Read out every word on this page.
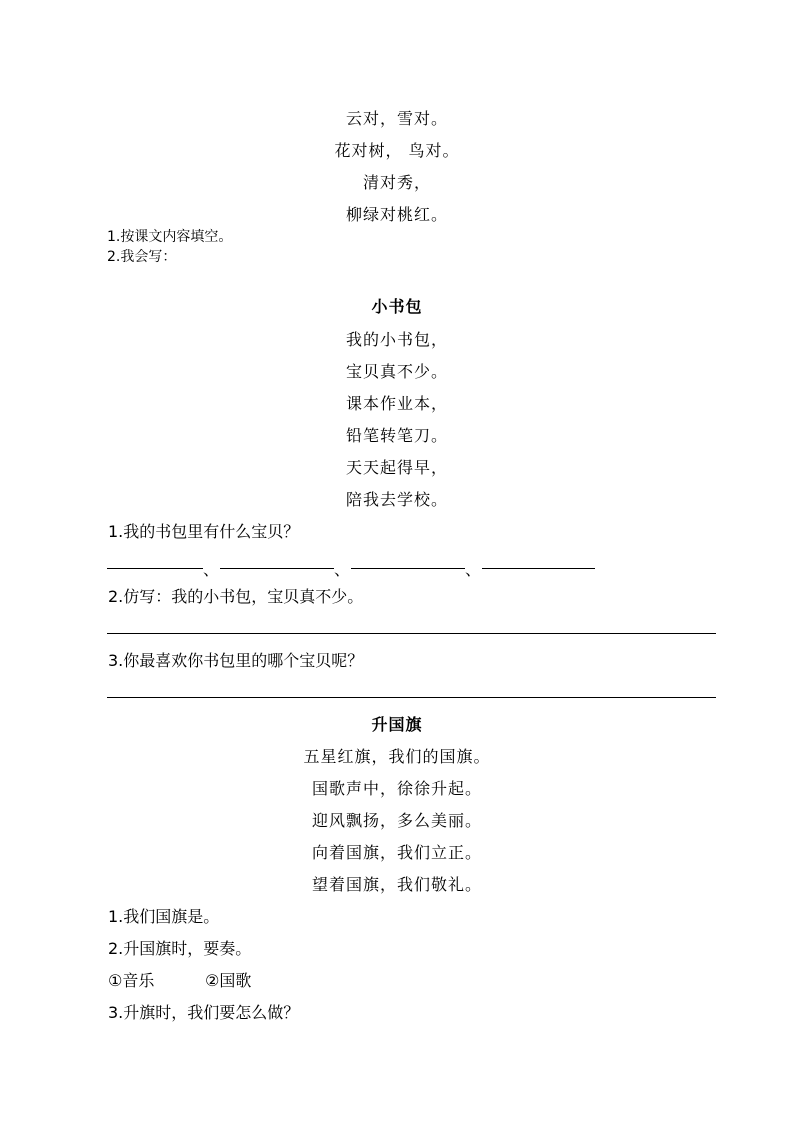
云对，雪对。
花对树， 鸟对。
清对秀，
柳绿对桃红。
1.按课文内容填空。
2.我会写：
小书包
我的小书包，
宝贝真不少。
课本作业本，
铅笔转笔刀。
天天起得早，
陪我去学校。
1.我的书包里有什么宝贝？
、	、	、
2.仿写：我的小书包，宝贝真不少。
3.你最喜欢你书包里的哪个宝贝呢？
升国旗
五星红旗，我们的国旗。
国歌声中，徐徐升起。
迎风飘扬，多么美丽。
向着国旗，我们立正。
望着国旗，我们敬礼。
1.我们国旗是。
2.升国旗时，要奏。
①音乐	②国歌
3.升旗时，我们要怎么做？
